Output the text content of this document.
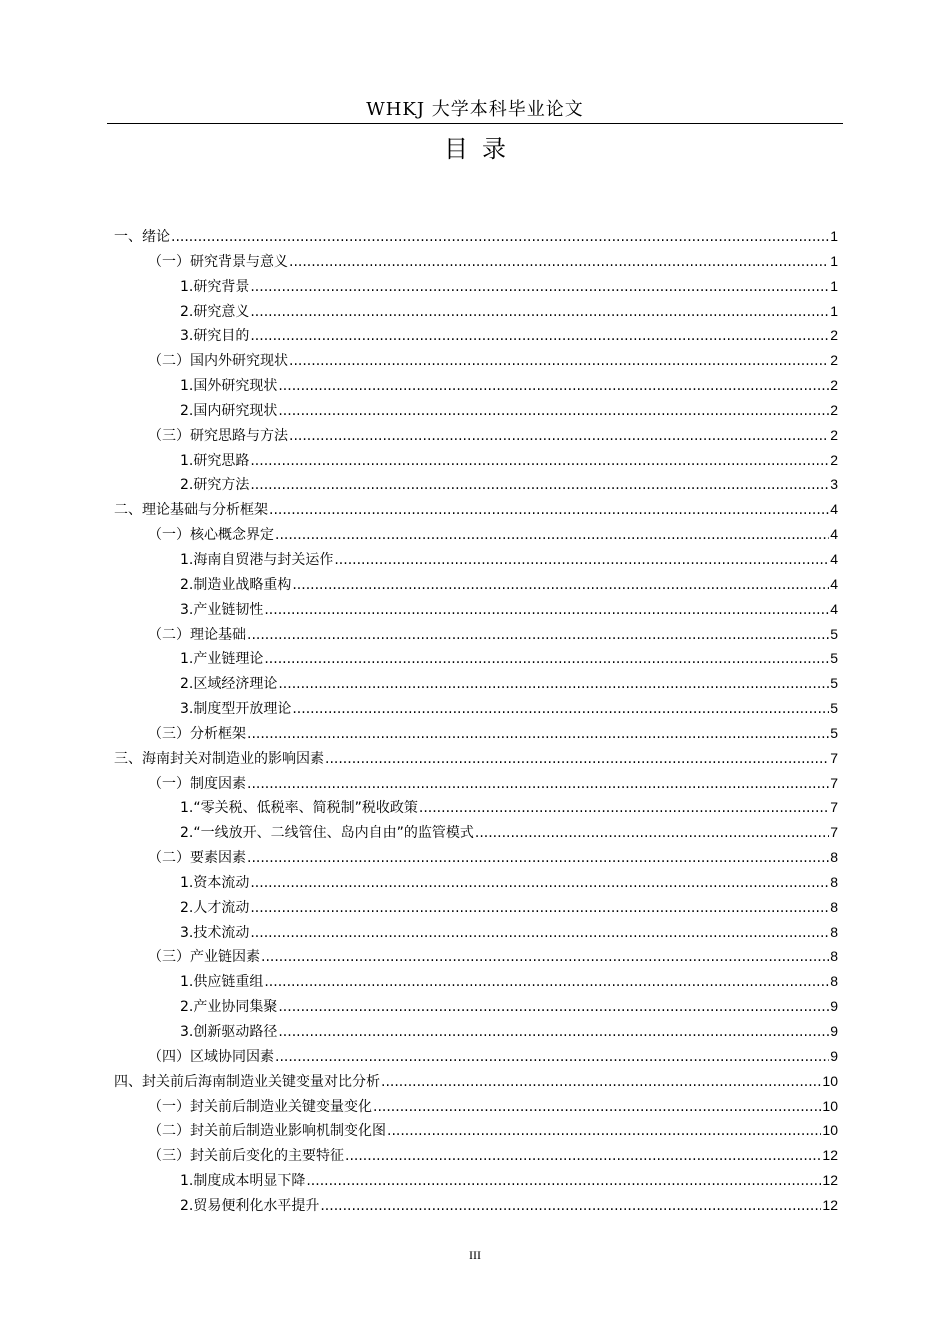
WHKJ 大学本科毕业论文
目录
一、绪论 .....	1
（一）研究背景与意义 .....	1
1.研究背景 .....	1
2.研究意义 .....	1
3.研究目的 .....	2
（二）国内外研究现状 .....	2
1.国外研究现状 .....	2
2.国内研究现状 .....	2
（三）研究思路与方法 .....	2
1.研究思路 .....	2
2.研究方法 .....	3
二、理论基础与分析框架 .....	4
（一）核心概念界定 .....	4
1.海南自贸港与封关运作 .....	4
2.制造业战略重构 .....	4
3.产业链韧性 .....	4
（二）理论基础 .....	5
1.产业链理论 .....	5
2.区域经济理论 .....	5
3.制度型开放理论 .....	5
（三）分析框架 .....	5
三、海南封关对制造业的影响因素 .....	7
（一）制度因素 .....	7
1.“零关税、低税率、简税制”税收政策 .....	7
2.“一线放开、二线管住、岛内自由”的监管模式 .....	7
（二）要素因素 .....	8
1.资本流动 .....	8
2.人才流动 .....	8
3.技术流动 .....	8
（三）产业链因素 .....	8
1.供应链重组 .....	8
2.产业协同集聚 .....	9
3.创新驱动路径 .....	9
（四）区域协同因素 .....	9
四、封关前后海南制造业关键变量对比分析 .....	10
（一）封关前后制造业关键变量变化 .....	10
（二）封关前后制造业影响机制变化图 .....	10
（三）封关前后变化的主要特征 .....	12
1.制度成本明显下降 .....	12
2.贸易便利化水平提升 .....	12
III
